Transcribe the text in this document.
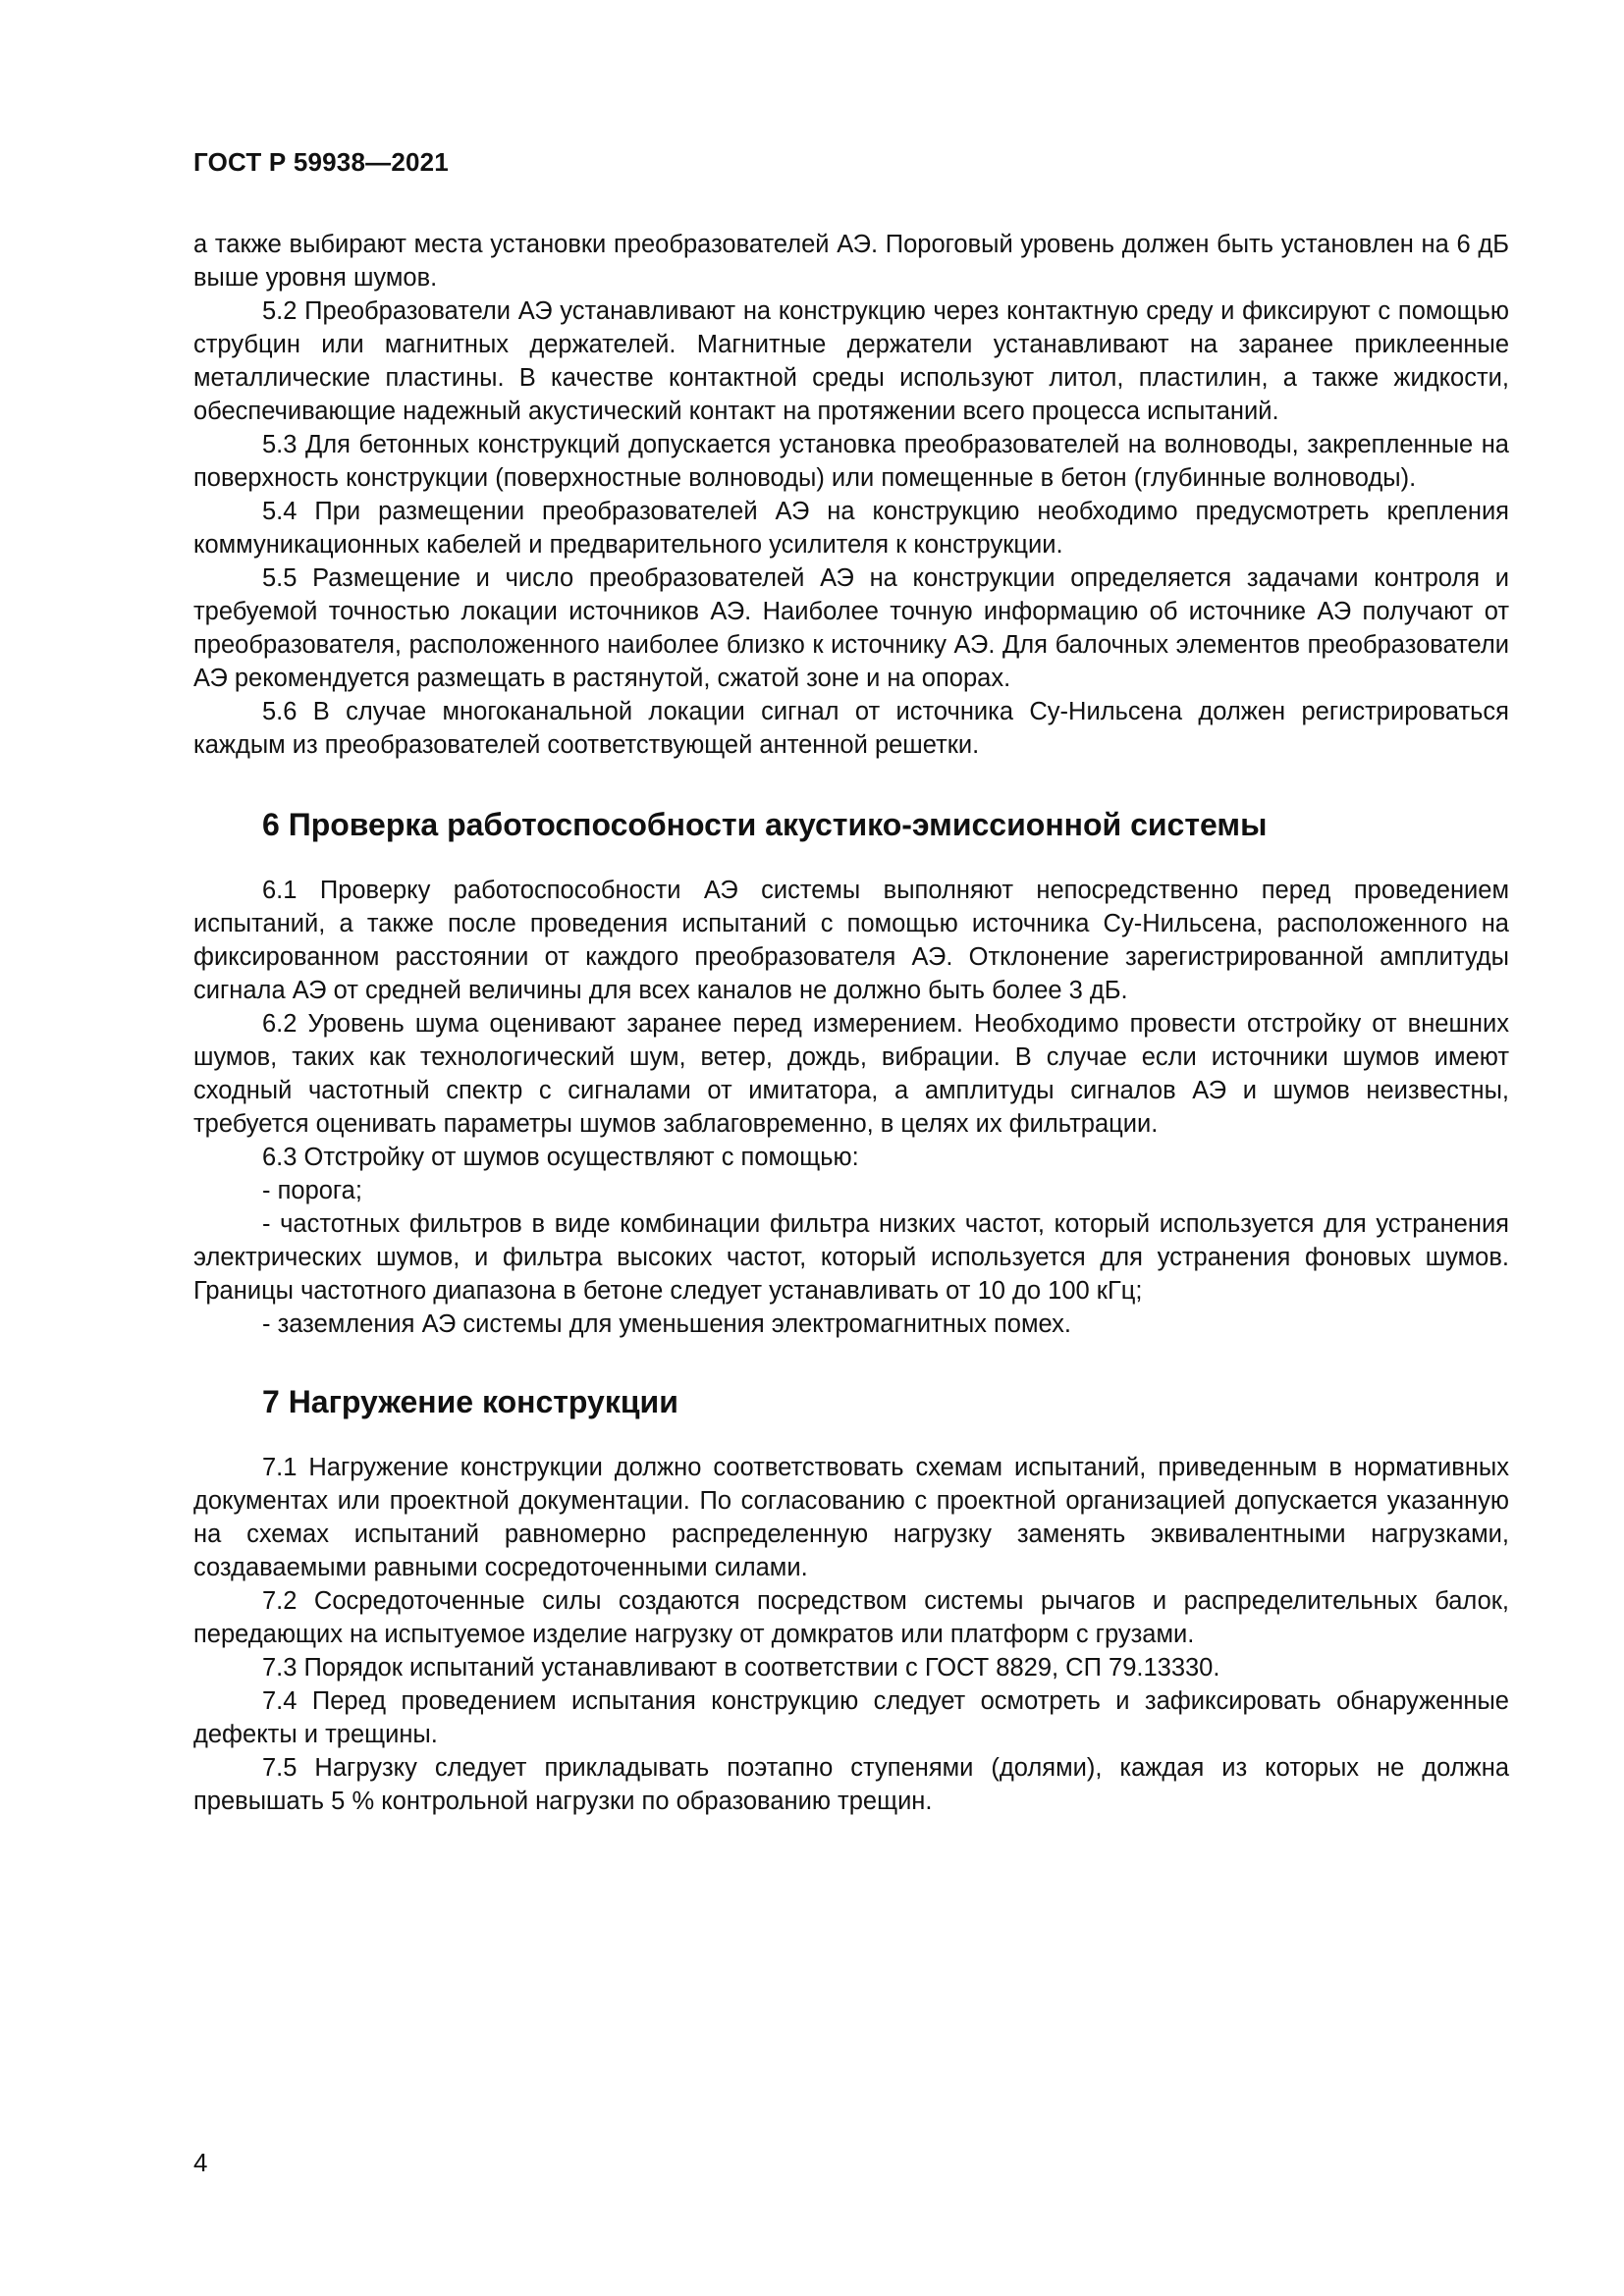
ГОСТ Р 59938—2021

а также выбирают места установки преобразователей АЭ. Пороговый уровень должен быть установлен на 6 дБ выше уровня шумов.

5.2 Преобразователи АЭ устанавливают на конструкцию через контактную среду и фиксируют с помощью струбцин или магнитных держателей. Магнитные держатели устанавливают на заранее приклеенные металлические пластины. В качестве контактной среды используют литол, пластилин, а также жидкости, обеспечивающие надежный акустический контакт на протяжении всего процесса испытаний.

5.3 Для бетонных конструкций допускается установка преобразователей на волноводы, закрепленные на поверхность конструкции (поверхностные волноводы) или помещенные в бетон (глубинные волноводы).

5.4 При размещении преобразователей АЭ на конструкцию необходимо предусмотреть крепления коммуникационных кабелей и предварительного усилителя к конструкции.

5.5 Размещение и число преобразователей АЭ на конструкции определяется задачами контроля и требуемой точностью локации источников АЭ. Наиболее точную информацию об источнике АЭ получают от преобразователя, расположенного наиболее близко к источнику АЭ. Для балочных элементов преобразователи АЭ рекомендуется размещать в растянутой, сжатой зоне и на опорах.

5.6 В случае многоканальной локации сигнал от источника Су-Нильсена должен регистрироваться каждым из преобразователей соответствующей антенной решетки.

6 Проверка работоспособности акустико-эмиссионной системы

6.1 Проверку работоспособности АЭ системы выполняют непосредственно перед проведением испытаний, а также после проведения испытаний с помощью источника Су-Нильсена, расположенного на фиксированном расстоянии от каждого преобразователя АЭ. Отклонение зарегистрированной амплитуды сигнала АЭ от средней величины для всех каналов не должно быть более 3 дБ.

6.2 Уровень шума оценивают заранее перед измерением. Необходимо провести отстройку от внешних шумов, таких как технологический шум, ветер, дождь, вибрации. В случае если источники шумов имеют сходный частотный спектр с сигналами от имитатора, а амплитуды сигналов АЭ и шумов неизвестны, требуется оценивать параметры шумов заблаговременно, в целях их фильтрации.

6.3 Отстройку от шумов осуществляют с помощью:

- порога;

- частотных фильтров в виде комбинации фильтра низких частот, который используется для устранения электрических шумов, и фильтра высоких частот, который используется для устранения фоновых шумов. Границы частотного диапазона в бетоне следует устанавливать от 10 до 100 кГц;

- заземления АЭ системы для уменьшения электромагнитных помех.

7 Нагружение конструкции

7.1 Нагружение конструкции должно соответствовать схемам испытаний, приведенным в нормативных документах или проектной документации. По согласованию с проектной организацией допускается указанную на схемах испытаний равномерно распределенную нагрузку заменять эквивалентными нагрузками, создаваемыми равными сосредоточенными силами.

7.2 Сосредоточенные силы создаются посредством системы рычагов и распределительных балок, передающих на испытуемое изделие нагрузку от домкратов или платформ с грузами.

7.3 Порядок испытаний устанавливают в соответствии с ГОСТ 8829, СП 79.13330.

7.4 Перед проведением испытания конструкцию следует осмотреть и зафиксировать обнаруженные дефекты и трещины.

7.5 Нагрузку следует прикладывать поэтапно ступенями (долями), каждая из которых не должна превышать 5 % контрольной нагрузки по образованию трещин.

4
